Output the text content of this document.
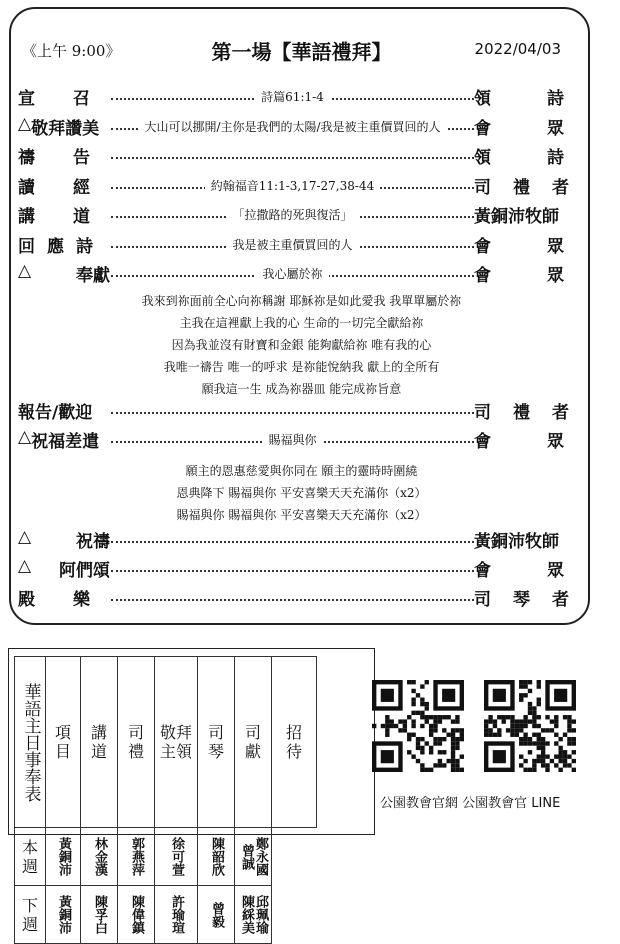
《上午 9:00》	第一場【華語禮拜】	2022/04/03
宣召	詩篇61:1-4	領詩
△ 敬拜讚美	大山可以挪開/主你是我們的太陽/我是被主重價買回的人	會眾
禱告	領詩
讀經	約翰福音11:1-3,17-27,38-44	司禮者
講道	「拉撒路的死與復活」	黃銅沛牧師
回應詩	我是被主重價買回的人	會眾
△	奉獻	我心屬於祢	會眾
我來到祢面前全心向祢稱謝 耶穌祢是如此愛我 我單單屬於祢
主我在這裡獻上我的心 生命的一切完全獻給祢
因為我並沒有財寶和金銀 能夠獻給祢 唯有我的心
我唯一禱告 唯一的呼求 是祢能悅納我 獻上的全所有
願我這一生 成為祢器皿 能完成祢旨意
報告/歡迎	司禮者
△ 祝福差遣	賜福與你	會眾
願主的恩惠慈愛與你同在 願主的靈時時圍繞
恩典降下 賜福與你 平安喜樂天天充滿你（x2）
賜福與你 賜福與你 平安喜樂天天充滿你（x2）
△	祝禱	黃銅沛牧師
△ 阿們頌	會眾
殿樂	司琴者
華語主日事奉表	項目	講道	司禮	敬拜主領	司琴	司獻	招待

本週	黃銅沛	林金漢	郭燕萍	徐可萱	陳韶欣	鄭永國 曾誠	

下週	黃銅沛	陳孚白	陳偉鎮	許瑜瑄	曾毅	邱珮瑜 陳綵美	
公園教會官網 公園教會官 LINE
